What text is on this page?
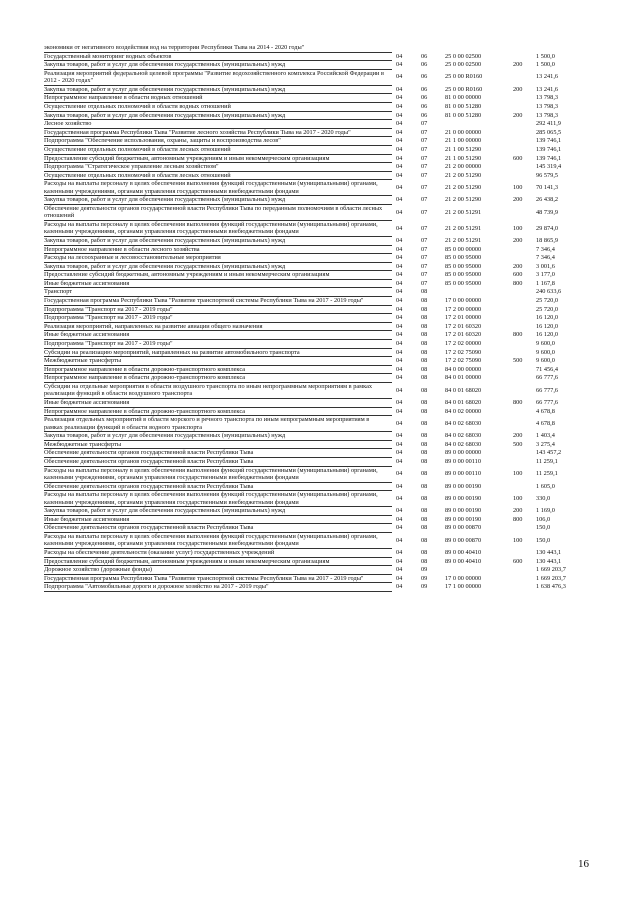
экономики от негативного воздействия вод на территории Республики Тыва на 2014 - 2020 годы"					
Государственный мониторинг водных объектов	04	06	25 0 00 02500		1 500,0
Закупка товаров, работ и услуг для обеспечения государственных (муниципальных) нужд	04	06	25 0 00 02500	200	1 500,0
Реализация мероприятий федеральной целевой программы "Развитие водохозяйственного комплекса Российской Федерации в 2012 - 2020 годах"	04	06	25 0 00 R0160		13 241,6
Закупка товаров, работ и услуг для обеспечения государственных (муниципальных) нужд	04	06	25 0 00 R0160	200	13 241,6
Непрограммное направление в области водных отношений	04	06	81 0 00 00000		13 798,3
Осуществление отдельных полномочий в области водных отношений	04	06	81 0 00 51280		13 798,3
Закупка товаров, работ и услуг для обеспечения государственных (муниципальных) нужд	04	06	81 0 00 51280	200	13 798,3
Лесное хозяйство	04	07			292 411,9
Государственная программа Республики Тыва "Развитие лесного хозяйства Республики Тыва на 2017 - 2020 годы"	04	07	21 0 00 00000		285 065,5
Подпрограмма "Обеспечение использования, охраны, защиты и воспроизводства лесов"	04	07	21 1 00 00000		139 746,1
Осуществление отдельных полномочий в области лесных отношений	04	07	21 1 00 51290		139 746,1
Предоставление субсидий бюджетным, автономным учреждениям и иным некоммерческим организациям	04	07	21 1 00 51290	600	139 746,1
Подпрограмма "Стратегическое управление лесным хозяйством"	04	07	21 2 00 00000		145 319,4
Осуществление отдельных полномочий в области лесных отношений	04	07	21 2 00 51290		96 579,5
Расходы на выплаты персоналу в целях обеспечения выполнения функций государственными (муниципальными) органами, казенными учреждениями, органами управления государственными внебюджетными фондами	04	07	21 2 00 51290	100	70 141,3
Закупка товаров, работ и услуг для обеспечения государственных (муниципальных) нужд	04	07	21 2 00 51290	200	26 438,2
Обеспечение деятельности органов государственной власти Республики Тыва по переданным полномочиям в области лесных отношений	04	07	21 2 00 51291		48 739,9
Расходы на выплаты персоналу в целях обеспечения выполнения функций государственными (муниципальными) органами, казенными учреждениями, органами управления государственными внебюджетными фондами	04	07	21 2 00 51291	100	29 874,0
Закупка товаров, работ и услуг для обеспечения государственных (муниципальных) нужд	04	07	21 2 00 51291	200	18 865,9
Непрограммное направление в области лесного хозяйства	04	07	85 0 00 00000		7 346,4
Расходы на лесоохранные и лесовосстановительные мероприятия	04	07	85 0 00 95000		7 346,4
Закупка товаров, работ и услуг для обеспечения государственных (муниципальных) нужд	04	07	85 0 00 95000	200	3 001,6
Предоставление субсидий бюджетным, автономным учреждениям и иным некоммерческим организациям	04	07	85 0 00 95000	600	3 177,0
Иные бюджетные ассигнования	04	07	85 0 00 95000	800	1 167,8
Транспорт	04	08			240 633,6
Государственная программа Республики Тыва "Развитие транспортной системы Республики Тыва на 2017 - 2019 годы"	04	08	17 0 00 00000		25 720,0
Подпрограмма "Транспорт на 2017 - 2019 годы"	04	08	17 2 00 00000		25 720,0
Подпрограмма "Транспорт на 2017 - 2019 годы"	04	08	17 2 01 00000		16 120,0
Реализация мероприятий, направленных на развитие авиации общего назначения	04	08	17 2 01 60320		16 120,0
Иные бюджетные ассигнования	04	08	17 2 01 60320	800	16 120,0
Подпрограмма "Транспорт на 2017 - 2019 годы"	04	08	17 2 02 00000		9 600,0
Субсидии на реализацию мероприятий, направленных на развитие автомобильного транспорта	04	08	17 2 02 75090		9 600,0
Межбюджетные трансферты	04	08	17 2 02 75090	500	9 600,0
Непрограммное направление в области дорожно-транспортного комплекса	04	08	84 0 00 00000		71 456,4
Непрограммное направление в области дорожно-транспортного комплекса	04	08	84 0 01 00000		66 777,6
Субсидии на отдельные мероприятия в области воздушного транспорта по иным непрограммным мероприятиям в рамках реализации функций в области воздушного транспорта	04	08	84 0 01 68020		66 777,6
Иные бюджетные ассигнования	04	08	84 0 01 68020	800	66 777,6
Непрограммное направление в области дорожно-транспортного комплекса	04	08	84 0 02 00000		4 678,8
Реализация отдельных мероприятий в области морского и речного транспорта по иным непрограммным мероприятиям в рамках реализации функций в области водного транспорта	04	08	84 0 02 68030		4 678,8
Закупка товаров, работ и услуг для обеспечения государственных (муниципальных) нужд	04	08	84 0 02 68030	200	1 403,4
Межбюджетные трансферты	04	08	84 0 02 68030	500	3 275,4
Обеспечение деятельности органов государственной власти Республики Тыва	04	08	89 0 00 00000		143 457,2
Обеспечение деятельности органов государственной власти Республики Тыва	04	08	89 0 00 00110		11 259,1
Расходы на выплаты персоналу в целях обеспечения выполнения функций государственными (муниципальными) органами, казенными учреждениями, органами управления государственными внебюджетными фондами	04	08	89 0 00 00110	100	11 259,1
Обеспечение деятельности органов государственной власти Республики Тыва	04	08	89 0 00 00190		1 605,0
Расходы на выплаты персоналу в целях обеспечения выполнения функций государственными (муниципальными) органами, казенными учреждениями, органами управления государственными внебюджетными фондами	04	08	89 0 00 00190	100	330,0
Закупка товаров, работ и услуг для обеспечения государственных (муниципальных) нужд	04	08	89 0 00 00190	200	1 169,0
Иные бюджетные ассигнования	04	08	89 0 00 00190	800	106,0
Обеспечение деятельности органов государственной власти Республики Тыва	04	08	89 0 00 00870		150,0
Расходы на выплаты персоналу в целях обеспечения выполнения функций государственными (муниципальными) органами, казенными учреждениями, органами управления государственными внебюджетными фондами	04	08	89 0 00 00870	100	150,0
Расходы на обеспечение деятельности (оказание услуг) государственных учреждений	04	08	89 0 00 40410		130 443,1
Предоставление субсидий бюджетным, автономным учреждениям и иным некоммерческим организациям	04	08	89 0 00 40410	600	130 443,1
Дорожное хозяйство (дорожные фонды)	04	09			1 669 203,7
Государственная программа Республики Тыва "Развитие транспортной системы Республики Тыва на 2017 - 2019 годы"	04	09	17 0 00 00000		1 669 203,7
Подпрограмма "Автомобильные дороги и дорожное хозяйство на 2017 - 2019 годы"	04	09	17 1 00 00000		1 638 476,3
16
